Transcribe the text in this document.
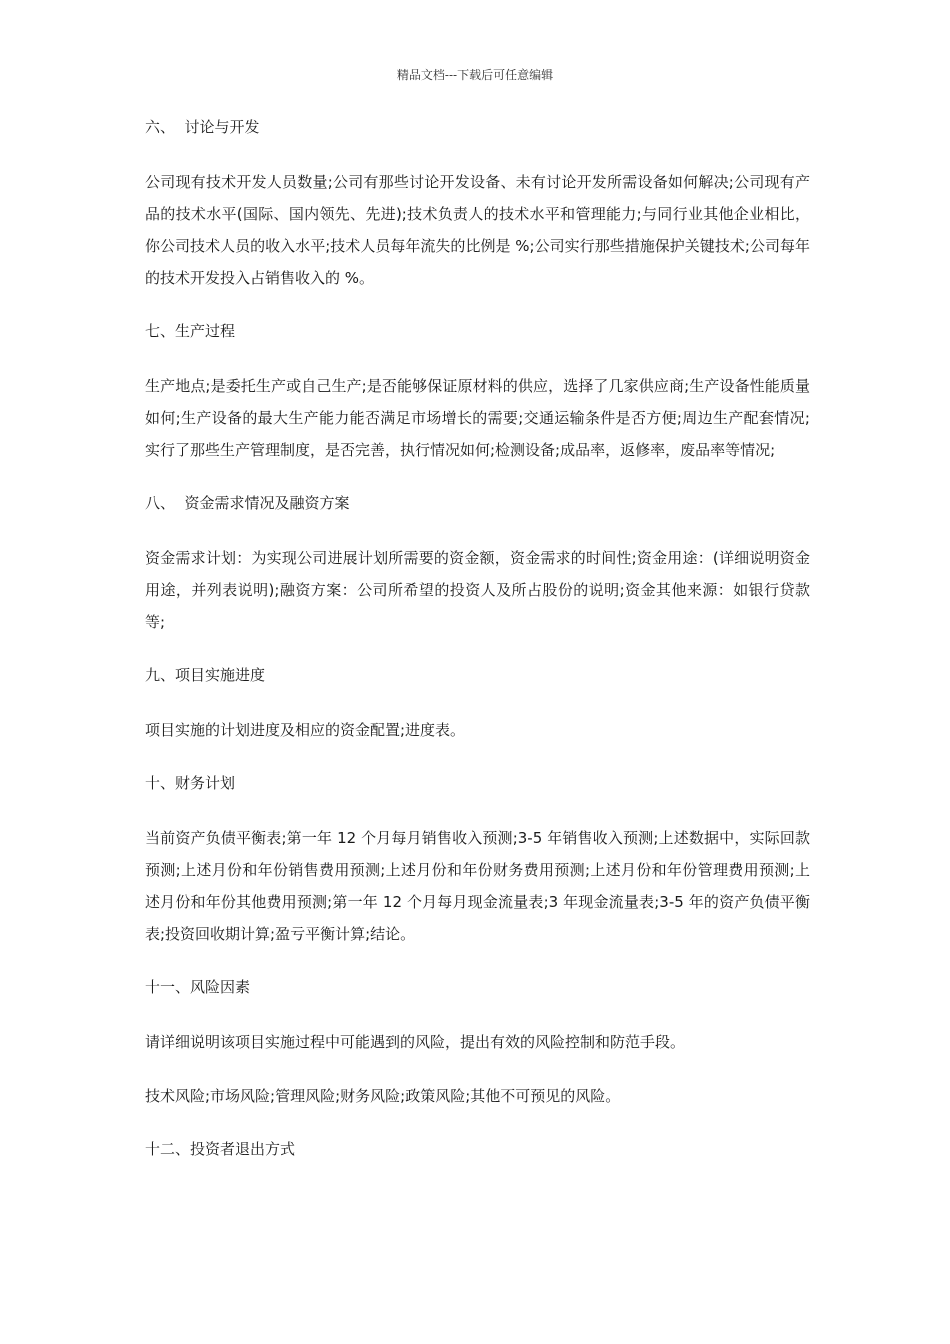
精品文档---下载后可任意编辑
六、  讨论与开发

公司现有技术开发人员数量;公司有那些讨论开发设备、未有讨论开发所需设备如何解决;公司现有产品的技术水平(国际、国内领先、先进);技术负责人的技术水平和管理能力;与同行业其他企业相比，你公司技术人员的收入水平;技术人员每年流失的比例是 %;公司实行那些措施保护关键技术;公司每年的技术开发投入占销售收入的 %。

七、生产过程

生产地点;是委托生产或自己生产;是否能够保证原材料的供应，选择了几家供应商;生产设备性能质量如何;生产设备的最大生产能力能否满足市场增长的需要;交通运输条件是否方便;周边生产配套情况;实行了那些生产管理制度，是否完善，执行情况如何;检测设备;成品率，返修率，废品率等情况;

八、  资金需求情况及融资方案

资金需求计划：为实现公司进展计划所需要的资金额，资金需求的时间性;资金用途：(详细说明资金用途，并列表说明);融资方案：公司所希望的投资人及所占股份的说明;资金其他来源：如银行贷款等;

九、项目实施进度

项目实施的计划进度及相应的资金配置;进度表。

十、财务计划

当前资产负债平衡表;第一年 12 个月每月销售收入预测;3-5 年销售收入预测;上述数据中，实际回款预测;上述月份和年份销售费用预测;上述月份和年份财务费用预测;上述月份和年份管理费用预测;上述月份和年份其他费用预测;第一年 12 个月每月现金流量表;3 年现金流量表;3-5 年的资产负债平衡表;投资回收期计算;盈亏平衡计算;结论。

十一、风险因素

请详细说明该项目实施过程中可能遇到的风险，提出有效的风险控制和防范手段。

技术风险;市场风险;管理风险;财务风险;政策风险;其他不可预见的风险。

十二、投资者退出方式
